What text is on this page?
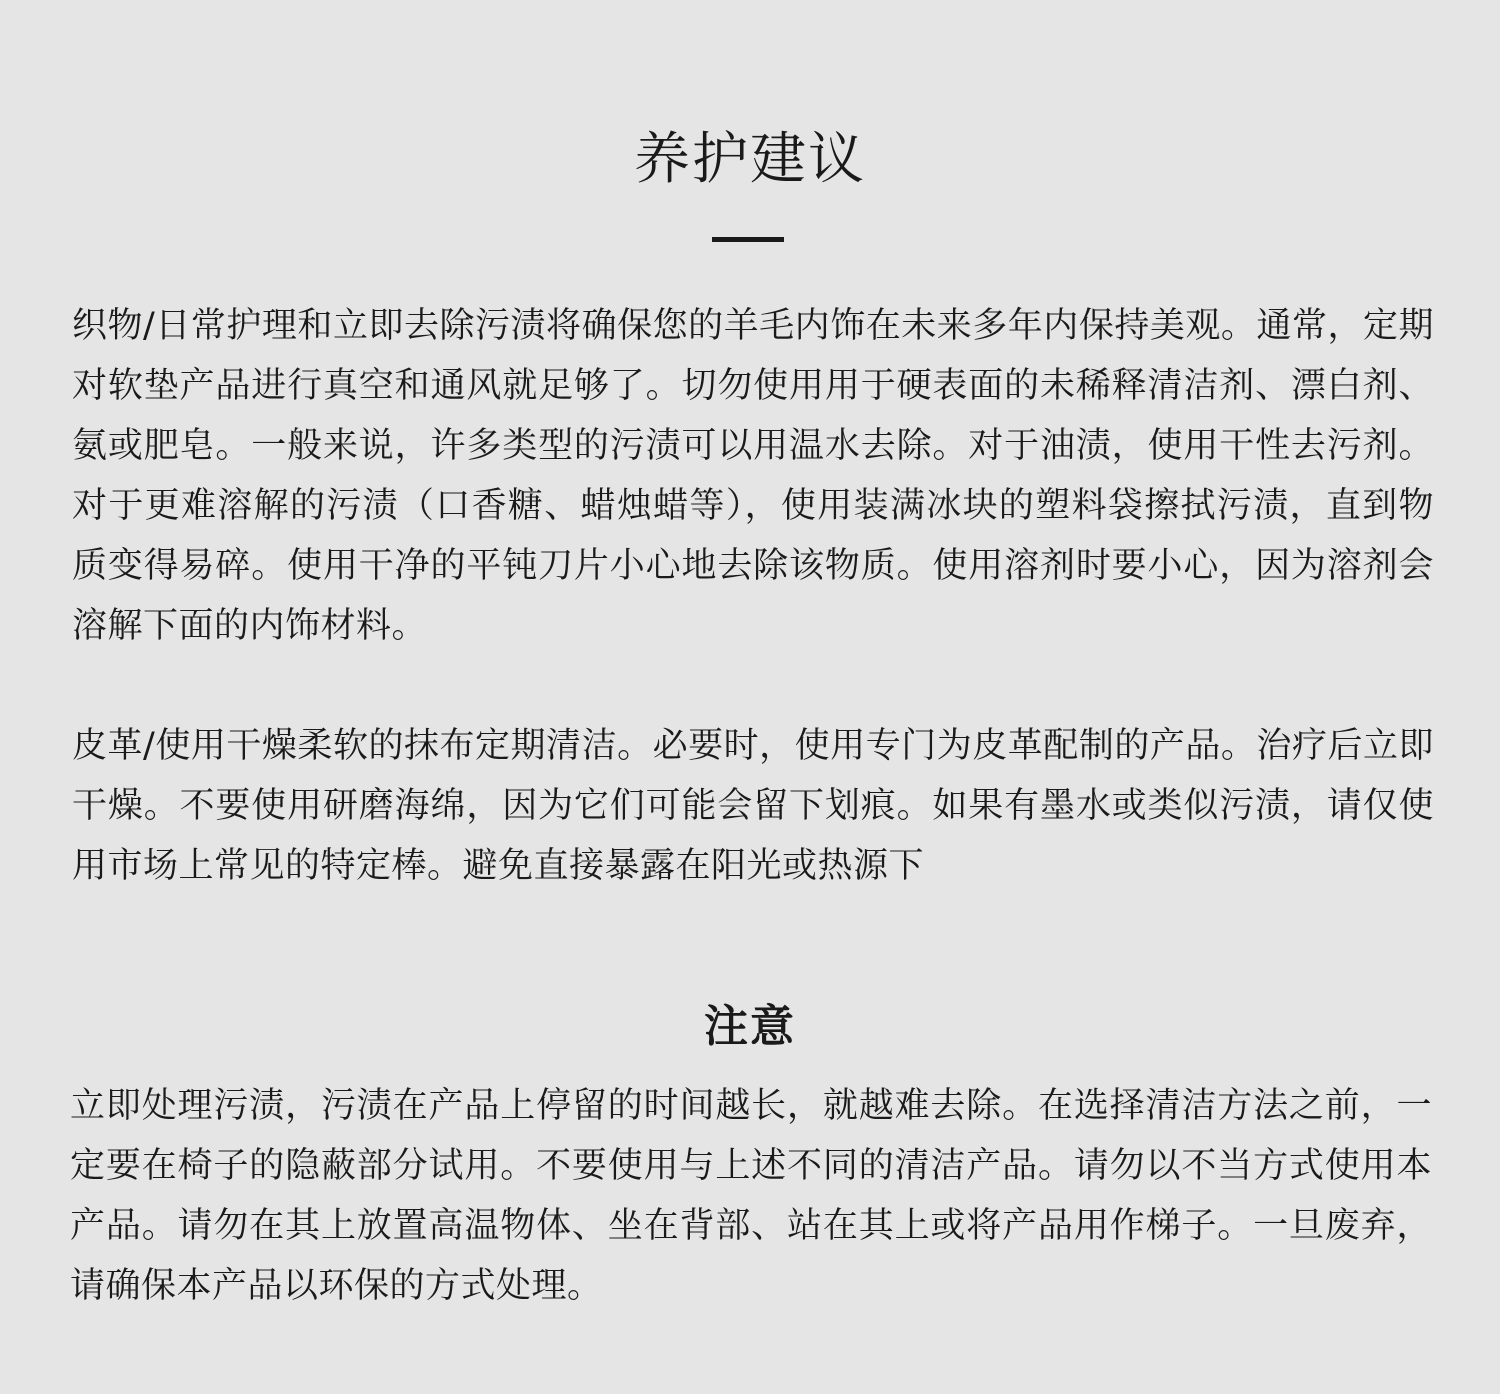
养护建议

织物/日常护理和立即去除污渍将确保您的羊毛内饰在未来多年内保持美观。通常，定期对软垫产品进行真空和通风就足够了。切勿使用用于硬表面的未稀释清洁剂、漂白剂、氨或肥皂。一般来说，许多类型的污渍可以用温水去除。对于油渍，使用干性去污剂。对于更难溶解的污渍（口香糖、蜡烛蜡等），使用装满冰块的塑料袋擦拭污渍，直到物质变得易碎。使用干净的平钝刀片小心地去除该物质。使用溶剂时要小心，因为溶剂会溶解下面的内饰材料。

皮革/使用干燥柔软的抹布定期清洁。必要时，使用专门为皮革配制的产品。治疗后立即干燥。不要使用研磨海绵，因为它们可能会留下划痕。如果有墨水或类似污渍，请仅使用市场上常见的特定棒。避免直接暴露在阳光或热源下

注意

立即处理污渍，污渍在产品上停留的时间越长，就越难去除。在选择清洁方法之前，一定要在椅子的隐蔽部分试用。不要使用与上述不同的清洁产品。请勿以不当方式使用本产品。请勿在其上放置高温物体、坐在背部、站在其上或将产品用作梯子。一旦废弃，请确保本产品以环保的方式处理。
